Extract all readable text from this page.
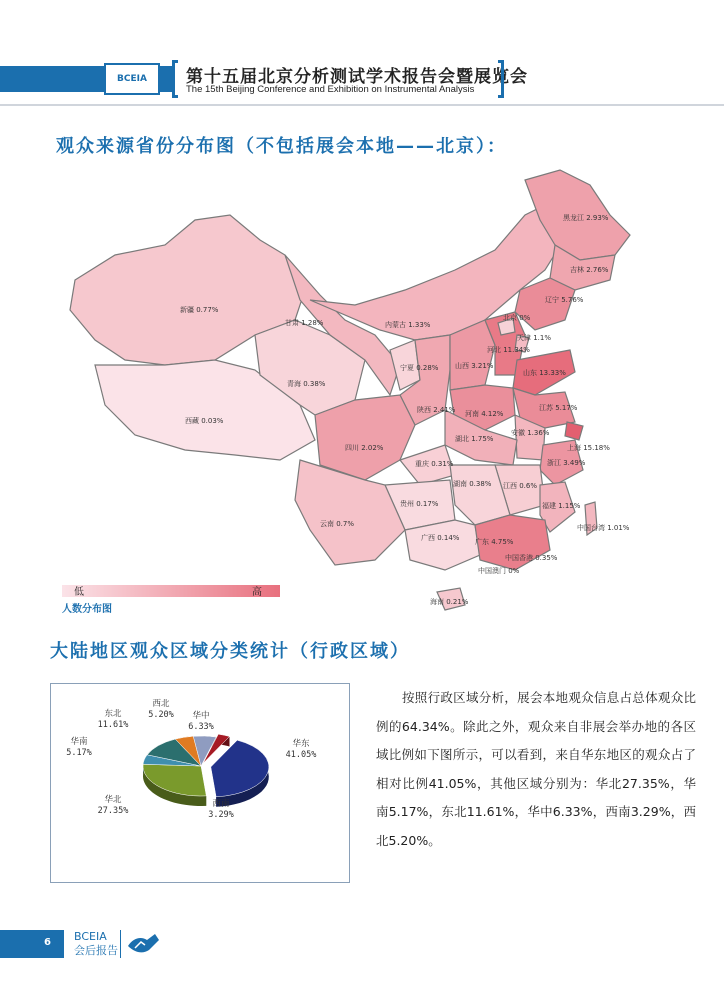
BCEIA 第十五届北京分析测试学术报告会暨展览会
The 15th Beijing Conference and Exhibition on Instrumental Analysis
观众来源省份分布图（不包括展会本地——北京）：
黑龙江 2.93%
吉林 2.76%
辽宁 5.76%
北京 0%
天津 1.1%
河北 11.34%
山东 13.33%
山西 3.21%
内蒙古 1.33%
新疆 0.77%
甘肃 1.28%
宁夏 0.28%
青海 0.38%
陕西 2.41% 河南 4.12%
江苏 5.17%
上海 15.18%
安徽 1.36%
湖北 1.75%
西藏 0.03%
四川 2.02%
重庆 0.31%	浙江 3.49%
湖南 0.38% 江西 0.6%
贵州 0.17%	福建 1.15%
云南 0.7%	中国台湾 1.01%
广西 0.14% 广东 4.75%
中国香港 0.35%
中国澳门 0%
海南 0.21%
低	高
人数分布图
大陆地区观众区域分类统计（行政区域）
华东
41.05%
华北
27.35%
华南
5.17%
东北
11.61%
西北
5.20% 华中
6.33%
西南
3.29%
按照行政区域分析，展会本地观众信息占总体观众比例的64.34%。除此之外，观众来自非展会举办地的各区域比例如下图所示，可以看到，来自华东地区的观众占了相对比例41.05%，其他区域分别为：华北27.35%，华南5.17%，东北11.61%，华中6.33%，西南3.29%，西北5.20%。
6 BCEIA
会后报告
